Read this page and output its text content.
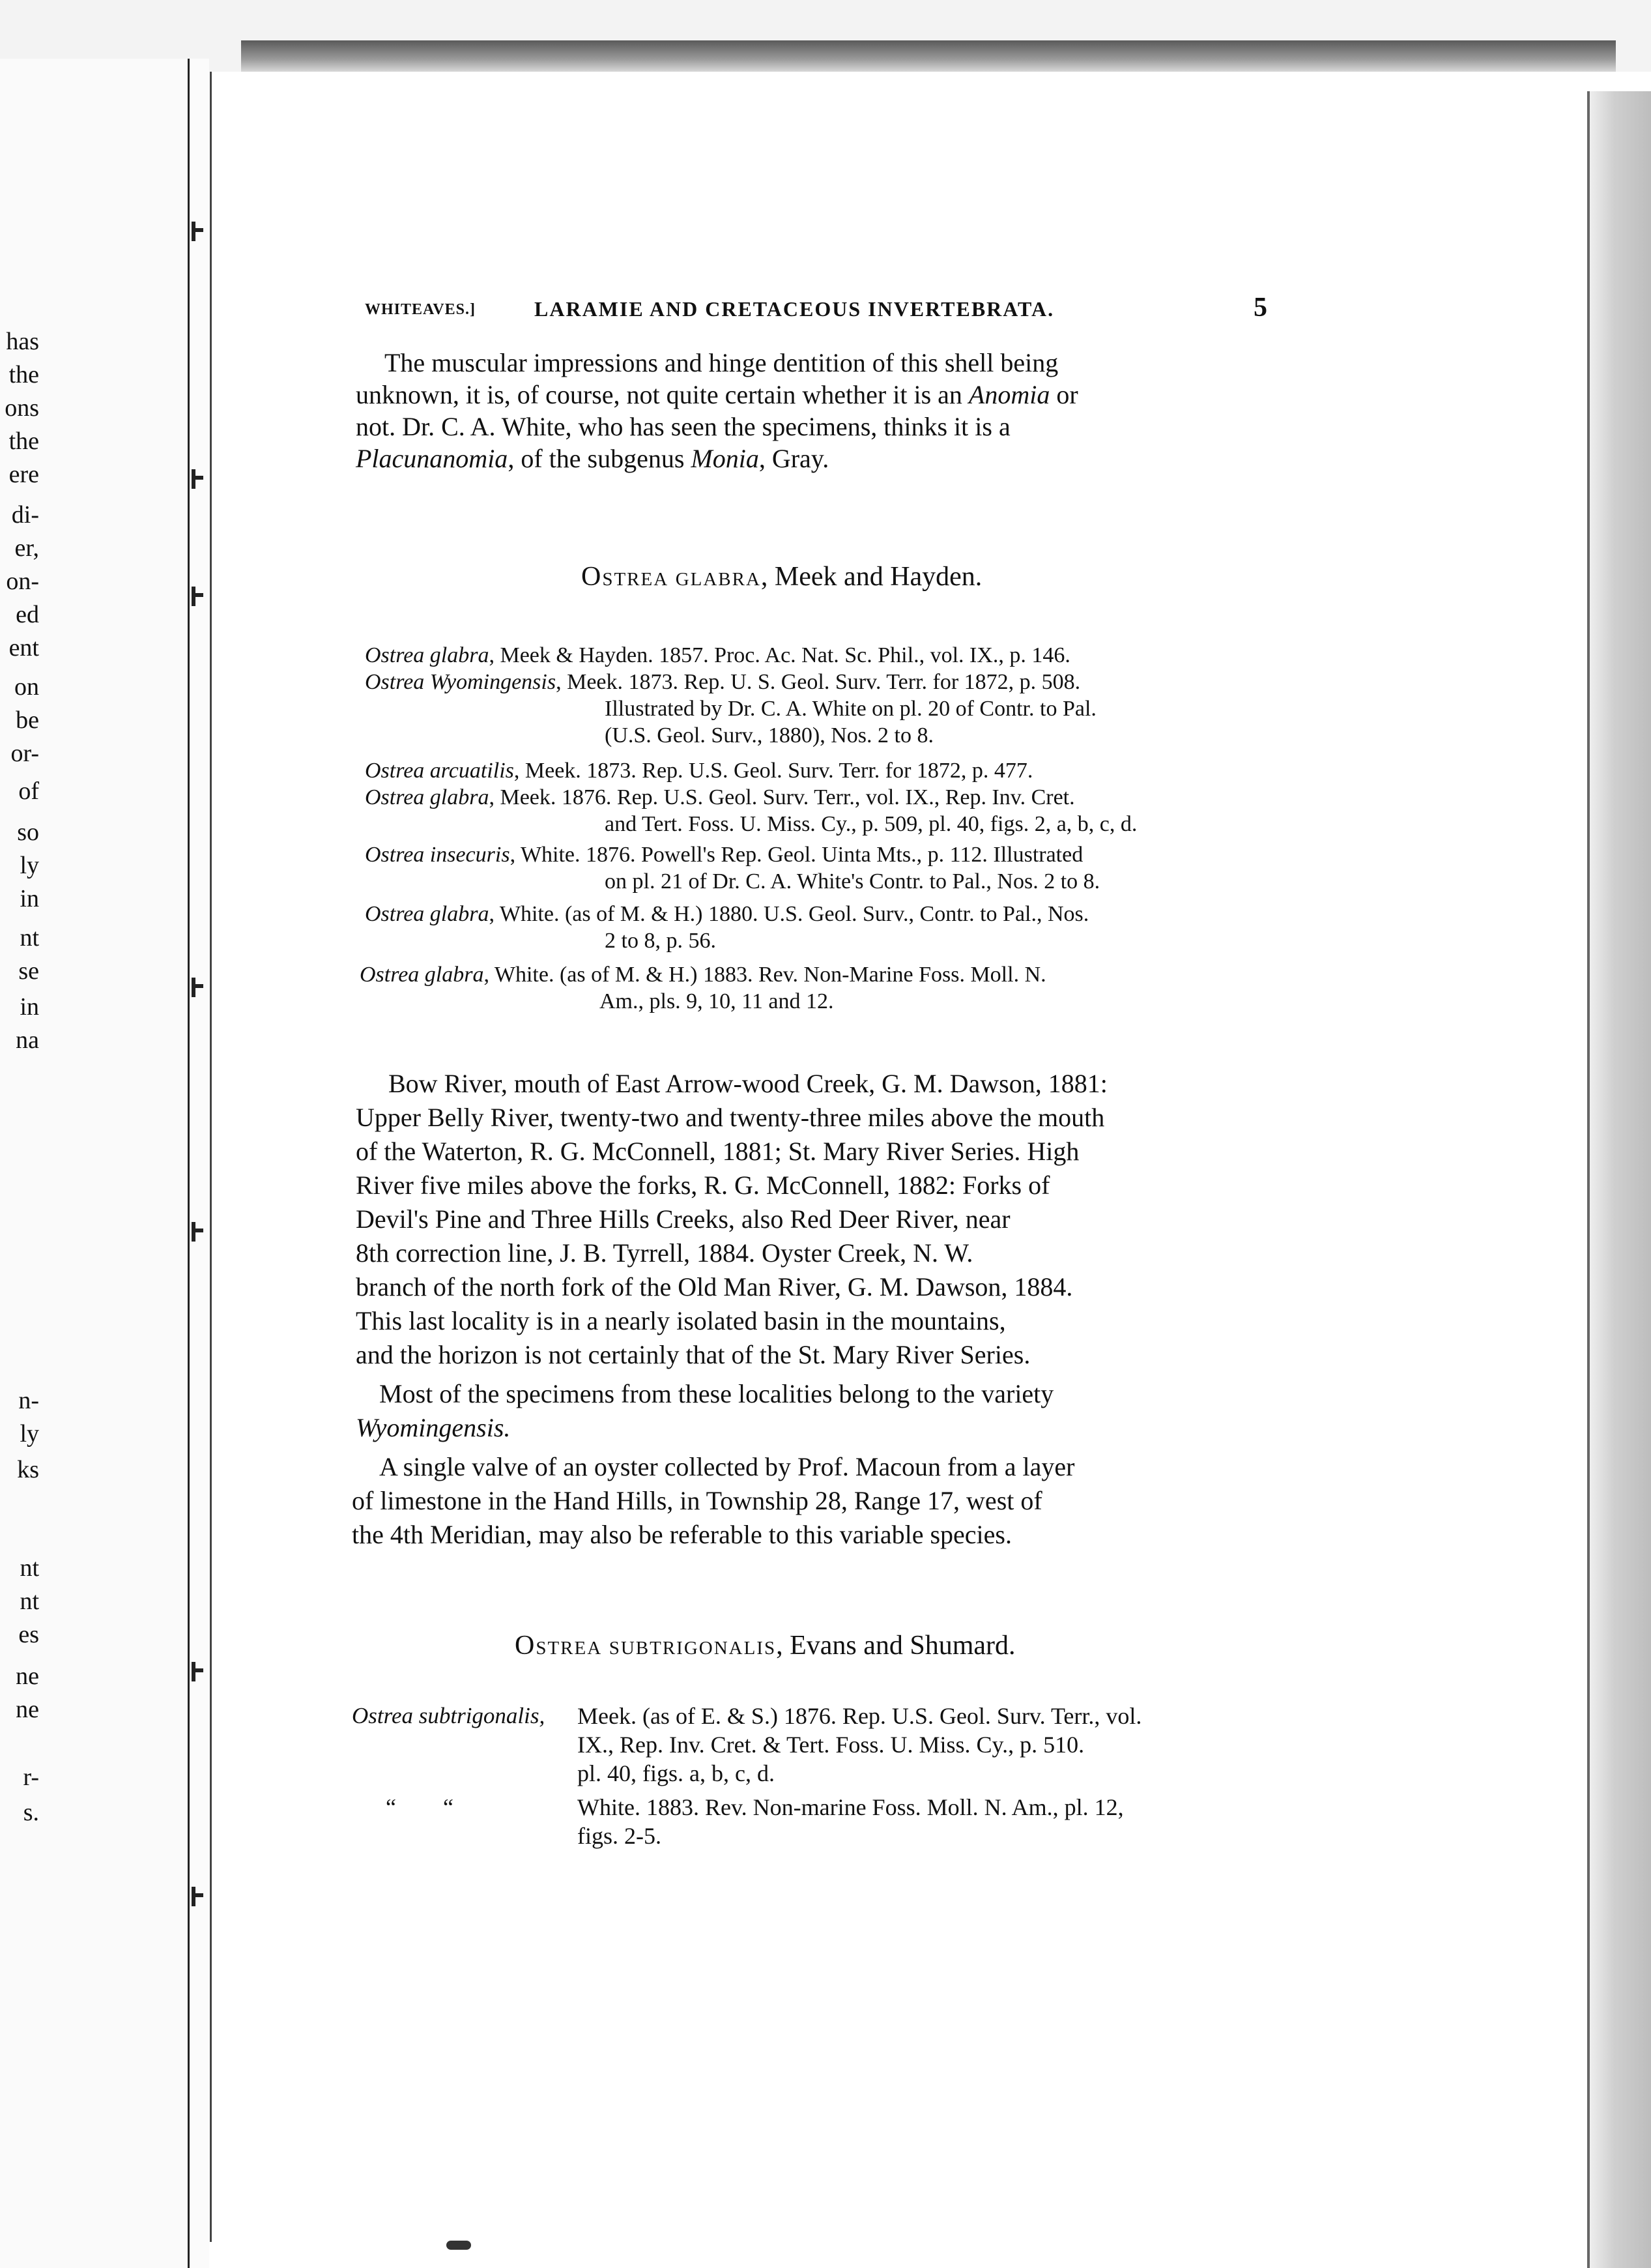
has
the
ons
the
ere
di-
er,
on-
ed
ent
on
be
or-
of
so
ly
in
nt
se
in
na
n-
ly
ks
nt
nt
es
ne
ne
r-
s.
WHITEAVES.]	LARAMIE AND CRETACEOUS INVERTEBRATA.	5
The muscular impressions and hinge dentition of this shell being
unknown, it is, of course, not quite certain whether it is an Anomia or
not. Dr. C. A. White, who has seen the specimens, thinks it is a
Placunanomia, of the subgenus Monia, Gray.
Ostrea glabra, Meek and Hayden.
Ostrea glabra, Meek & Hayden. 1857. Proc. Ac. Nat. Sc. Phil., vol. IX., p. 146.
Ostrea Wyomingensis, Meek. 1873. Rep. U. S. Geol. Surv. Terr. for 1872, p. 508.
Illustrated by Dr. C. A. White on pl. 20 of Contr. to Pal.
(U.S. Geol. Surv., 1880), Nos. 2 to 8.
Ostrea arcuatilis, Meek. 1873. Rep. U.S. Geol. Surv. Terr. for 1872, p. 477.
Ostrea glabra, Meek. 1876. Rep. U.S. Geol. Surv. Terr., vol. IX., Rep. Inv. Cret.
and Tert. Foss. U. Miss. Cy., p. 509, pl. 40, figs. 2, a, b, c, d.
Ostrea insecuris, White. 1876. Powell's Rep. Geol. Uinta Mts., p. 112. Illustrated
on pl. 21 of Dr. C. A. White's Contr. to Pal., Nos. 2 to 8.
Ostrea glabra, White. (as of M. & H.) 1880. U.S. Geol. Surv., Contr. to Pal., Nos.
2 to 8, p. 56.
Ostrea glabra, White. (as of M. & H.) 1883. Rev. Non-Marine Foss. Moll. N.
Am., pls. 9, 10, 11 and 12.
Bow River, mouth of East Arrow-wood Creek, G. M. Dawson, 1881:
Upper Belly River, twenty-two and twenty-three miles above the mouth
of the Waterton, R. G. McConnell, 1881; St. Mary River Series. High
River five miles above the forks, R. G. McConnell, 1882: Forks of
Devil's Pine and Three Hills Creeks, also Red Deer River, near
8th correction line, J. B. Tyrrell, 1884. Oyster Creek, N. W.
branch of the north fork of the Old Man River, G. M. Dawson, 1884.
This last locality is in a nearly isolated basin in the mountains,
and the horizon is not certainly that of the St. Mary River Series.
Most of the specimens from these localities belong to the variety
Wyomingensis.
A single valve of an oyster collected by Prof. Macoun from a layer
of limestone in the Hand Hills, in Township 28, Range 17, west of
the 4th Meridian, may also be referable to this variable species.
Ostrea subtrigonalis, Evans and Shumard.
Ostrea subtrigonalis, Meek. (as of E. & S.) 1876. Rep. U.S. Geol. Surv. Terr., vol.
IX., Rep. Inv. Cret. & Tert. Foss. U. Miss. Cy., p. 510.
pl. 40, figs. a, b, c, d.
“        “	White. 1883. Rev. Non-marine Foss. Moll. N. Am., pl. 12,
figs. 2-5.
